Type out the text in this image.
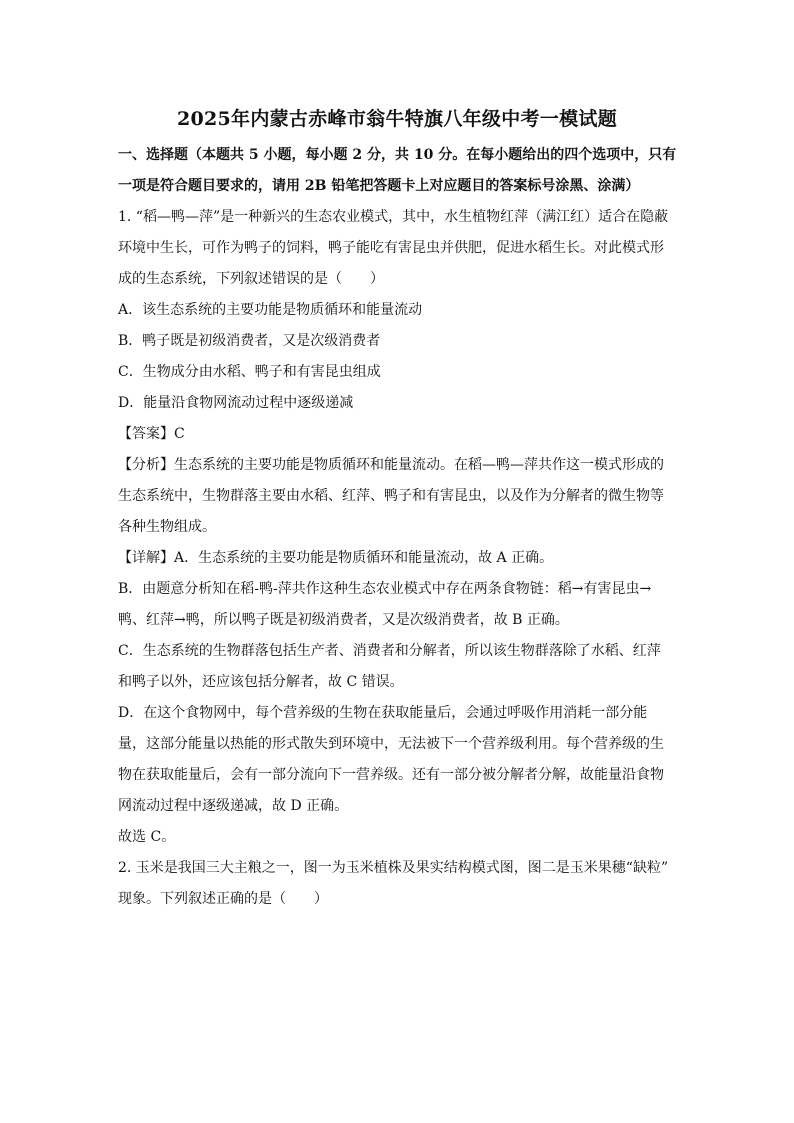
2025年内蒙古赤峰市翁牛特旗八年级中考一模试题
一、选择题（本题共 5 小题，每小题 2 分，共 10 分。在每小题给出的四个选项中，只有
一项是符合题目要求的，请用 2B 铅笔把答题卡上对应题目的答案标号涂黑、涂满）
1. “稻—鸭—萍”是一种新兴的生态农业模式，其中，水生植物红萍（满江红）适合在隐蔽
环境中生长，可作为鸭子的饲料，鸭子能吃有害昆虫并供肥，促进水稻生长。对此模式形
成的生态系统，下列叙述错误的是（　　）
A．该生态系统的主要功能是物质循环和能量流动
B．鸭子既是初级消费者，又是次级消费者
C．生物成分由水稻、鸭子和有害昆虫组成
D．能量沿食物网流动过程中逐级递减
【答案】C
【分析】生态系统的主要功能是物质循环和能量流动。在稻—鸭—萍共作这一模式形成的
生态系统中，生物群落主要由水稻、红萍、鸭子和有害昆虫，以及作为分解者的微生物等
各种生物组成。
【详解】A．生态系统的主要功能是物质循环和能量流动，故 A 正确。
B．由题意分析知在稻-鸭-萍共作这种生态农业模式中存在两条食物链：稻→有害昆虫→
鸭、红萍→鸭，所以鸭子既是初级消费者，又是次级消费者，故 B 正确。
C．生态系统的生物群落包括生产者、消费者和分解者，所以该生物群落除了水稻、红萍
和鸭子以外，还应该包括分解者，故 C 错误。
D．在这个食物网中，每个营养级的生物在获取能量后，会通过呼吸作用消耗一部分能
量，这部分能量以热能的形式散失到环境中，无法被下一个营养级利用。每个营养级的生
物在获取能量后，会有一部分流向下一营养级。还有一部分被分解者分解，故能量沿食物
网流动过程中逐级递减，故 D 正确。
故选 C。
2. 玉米是我国三大主粮之一，图一为玉米植株及果实结构模式图，图二是玉米果穗“缺粒”
现象。下列叙述正确的是（　　）
